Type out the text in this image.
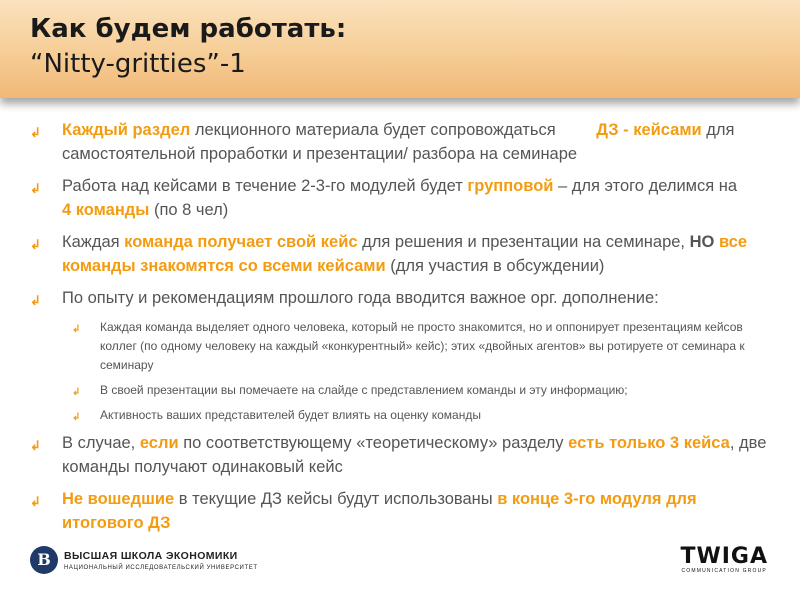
Как будем работать:
“Nitty-gritties”-1
↲ Каждый раздел лекционного материала будет сопровождаться ДЗ - кейсами для самостоятельной проработки и презентации/ разбора на семинаре
↲ Работа над кейсами в течение 2-3-го модулей будет групповой – для этого делимся на
4 команды (по 8 чел)
↲ Каждая команда получает свой кейс для решения и презентации на семинаре, НО все команды знакомятся со всеми кейсами (для участия в обсуждении)
↲ По опыту и рекомендациям прошлого года вводится важное орг. дополнение:
↲ Каждая команда выделяет одного человека, который не просто знакомится, но и оппонирует презентациям кейсов коллег (по одному человеку на каждый «конкурентный» кейс); этих «двойных агентов» вы ротируете от семинара к семинару
↲ В своей презентации вы помечаете на слайде с представлением команды и эту информацию;
↲ Активность ваших представителей будет влиять на оценку команды
↲ В случае, если по соответствующему «теоретическому» разделу есть только 3 кейса, две команды получают одинаковый кейс
↲ Не вошедшие в текущие ДЗ кейсы будут использованы в конце 3-го модуля для итогового ДЗ
В	ВЫСШАЯ ШКОЛА ЭКОНОМИКИ
НАЦИОНАЛЬНЫЙ ИССЛЕДОВАТЕЛЬСКИЙ УНИВЕРСИТЕТ	TWIGA
COMMUNICATION GROUP
